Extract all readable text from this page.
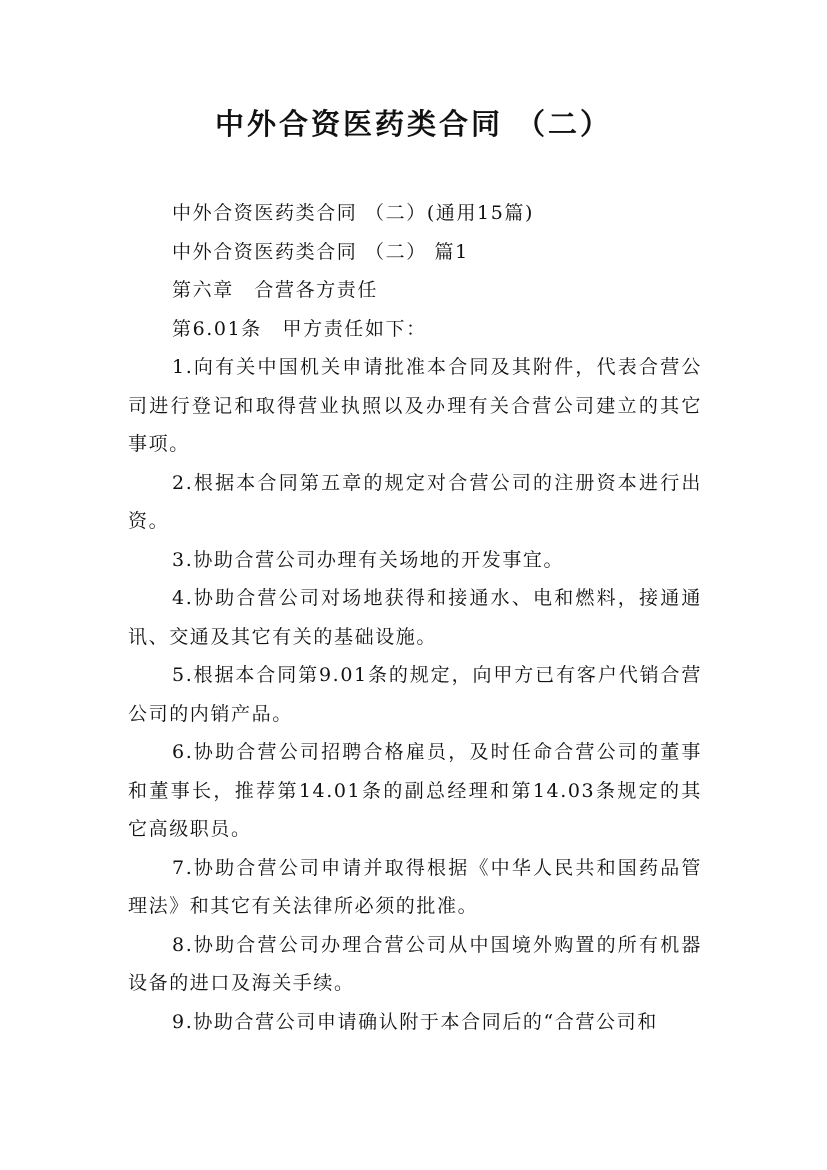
中外合资医药类合同 （二）

中外合资医药类合同 （二）(通用15篇)

中外合资医药类合同 （二） 篇1

第六章　合营各方责任

第6.01条　甲方责任如下：

1.向有关中国机关申请批准本合同及其附件，代表合营公司进行登记和取得营业执照以及办理有关合营公司建立的其它事项。

2.根据本合同第五章的规定对合营公司的注册资本进行出资。

3.协助合营公司办理有关场地的开发事宜。

4.协助合营公司对场地获得和接通水、电和燃料，接通通讯、交通及其它有关的基础设施。

5.根据本合同第9.01条的规定，向甲方已有客户代销合营公司的内销产品。

6.协助合营公司招聘合格雇员，及时任命合营公司的董事和董事长，推荐第14.01条的副总经理和第14.03条规定的其它高级职员。

7.协助合营公司申请并取得根据《中华人民共和国药品管理法》和其它有关法律所必须的批准。

8.协助合营公司办理合营公司从中国境外购置的所有机器设备的进口及海关手续。

9.协助合营公司申请确认附于本合同后的“合营公司和
